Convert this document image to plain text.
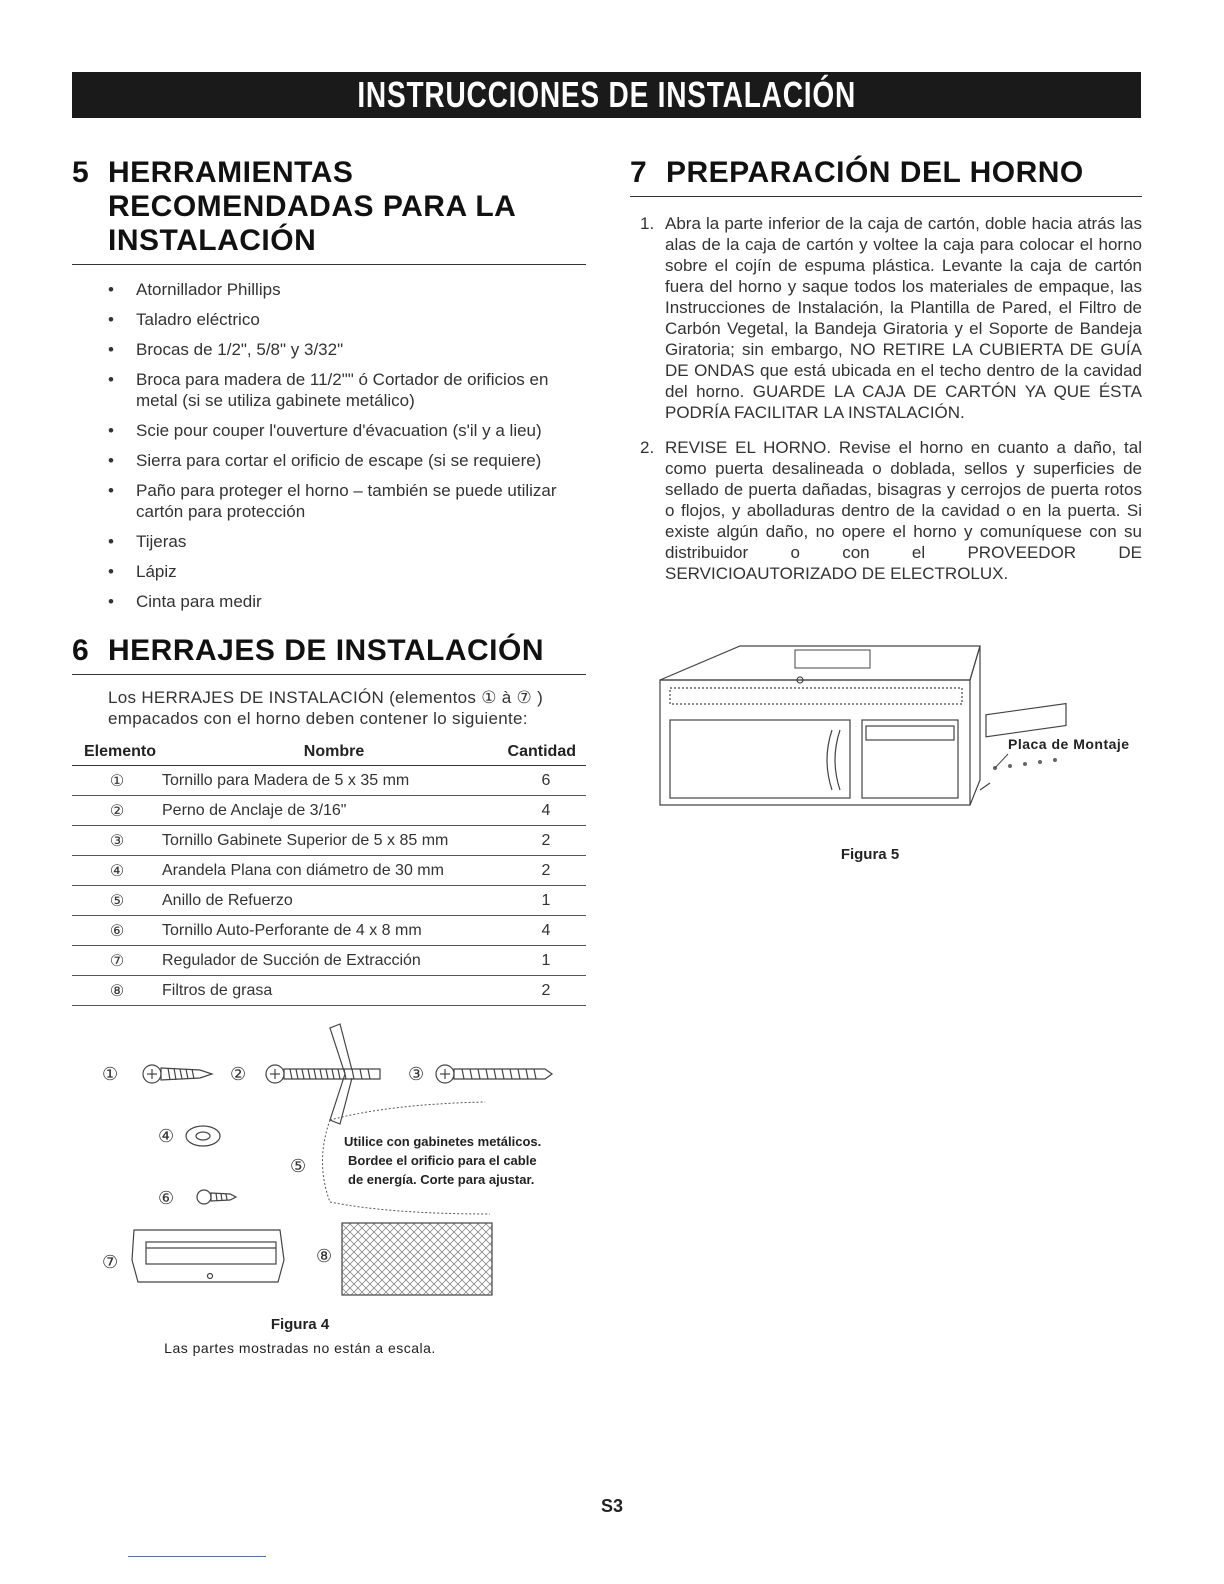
INSTRUCCIONES DE INSTALACIÓN
5 HERRAMIENTAS RECOMENDADAS PARA LA INSTALACIÓN
• Atornillador Phillips
• Taladro eléctrico
• Brocas de 1/2", 5/8" y 3/32"
• Broca para madera de 11/2"" ó Cortador de orificios en metal (si se utiliza gabinete metálico)
• Scie pour couper l'ouverture d'évacuation (s'il y a lieu)
• Sierra para cortar el orificio de escape (si se requiere)
• Paño para proteger el horno – también se puede utilizar cartón para protección
• Tijeras
• Lápiz
• Cinta para medir
6 HERRAJES DE INSTALACIÓN

Los HERRAJES DE INSTALACIÓN (elementos ① à ⑦ ) empacados con el horno deben contener lo siguiente:

Elemento	Nombre	Cantidad
①	Tornillo para Madera de 5 x 35 mm	6
②	Perno de Anclaje de 3/16"	4
③	Tornillo Gabinete Superior de 5 x 85 mm	2
④	Arandela Plana con diámetro de 30 mm	2
⑤	Anillo de Refuerzo	1
⑥	Tornillo Auto-Perforante de 4 x 8 mm	4
⑦	Regulador de Succión de Extracción	1
⑧	Filtros de grasa	2
①	②	③
④
⑤
Utilice con gabinetes metálicos.
Bordee el orificio para el cable
de energía. Corte para ajustar.
⑥
⑦	⑧
Figura 4
Las partes mostradas no están a escala.
7 PREPARACIÓN DEL HORNO
1. Abra la parte inferior de la caja de cartón, doble hacia atrás las alas de la caja de cartón y voltee la caja para colocar el horno sobre el cojín de espuma plástica. Levante la caja de cartón fuera del horno y saque todos los materiales de empaque, las Instrucciones de Instalación, la Plantilla de Pared, el Filtro de Carbón Vegetal, la Bandeja Giratoria y el Soporte de Bandeja Giratoria; sin embargo, NO RETIRE LA CUBIERTA DE GUÍA DE ONDAS que está ubicada en el techo dentro de la cavidad del horno. GUARDE LA CAJA DE CARTÓN YA QUE ÉSTA PODRÍA FACILITAR LA INSTALACIÓN.
2. REVISE EL HORNO. Revise el horno en cuanto a daño, tal como puerta desalineada o doblada, sellos y superficies de sellado de puerta dañadas, bisagras y cerrojos de puerta rotos o flojos, y abolladuras dentro de la cavidad o en la puerta. Si existe algún daño, no opere el horno y comuníquese con su distribuidor o con el PROVEEDOR DE SERVICIOAUTORIZADO DE ELECTROLUX.
Placa de Montaje
Figura 5
S3
